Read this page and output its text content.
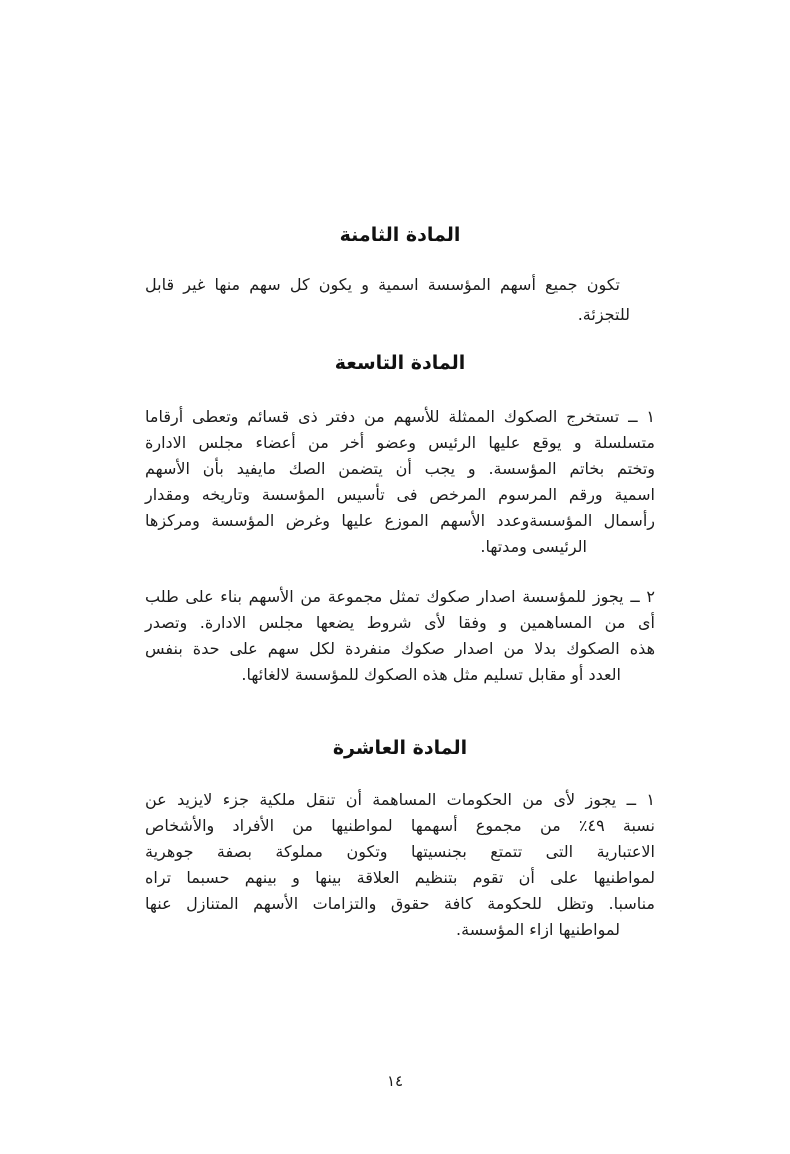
المادة الثامنة
تكون جميع أسهم المؤسسة اسمية و يكون كل سهم منها غير قابل
للتجزئة.
المادة التاسعة
١ ــ تستخرج الصكوك الممثلة للأسهم من دفتر ذى قسائم وتعطى أرقاما
متسلسلة و يوقع عليها الرئيس وعضو أخر من أعضاء مجلس الادارة
وتختم بخاتم المؤسسة. و يجب أن يتضمن الصك مايفيد بأن الأسهم
اسمية ورقم المرسوم المرخص فى تأسيس المؤسسة وتاريخه ومقدار
رأسمال المؤسسةوعدد الأسهم الموزع عليها وغرض المؤسسة ومركزها
الرئيسى ومدتها.
٢ ــ يجوز للمؤسسة اصدار صكوك تمثل مجموعة من الأسهم بناء على طلب
أى من المساهمين و وفقا لأى شروط يضعها مجلس الادارة. وتصدر
هذه الصكوك بدلا من اصدار صكوك منفردة لكل سهم على حدة بنفس
العدد أو مقابل تسليم مثل هذه الصكوك للمؤسسة لالغائها.
المادة العاشرة
١ ــ يجوز لأى من الحكومات المساهمة أن تنقل ملكية جزء لايزيد عن
نسبة ٤٩٪ من مجموع أسهمها لمواطنيها من الأفراد والأشخاص
الاعتبارية التى تتمتع بجنسيتها وتكون مملوكة بصفة جوهرية
لمواطنيها على أن تقوم بتنظيم العلاقة بينها و بينهم حسبما تراه
مناسبا. وتظل للحكومة كافة حقوق والتزامات الأسهم المتنازل عنها
لمواطنيها ازاء المؤسسة.
١٤
